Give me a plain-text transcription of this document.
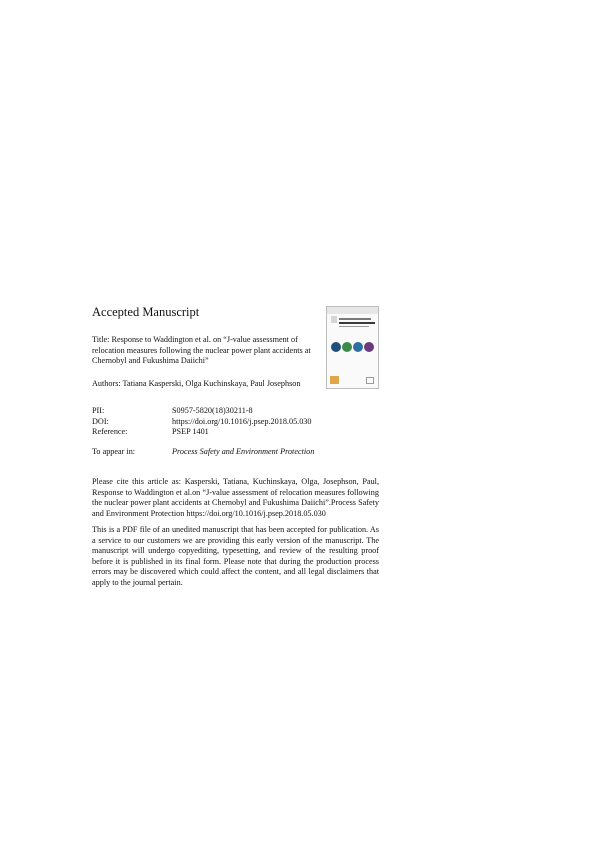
Accepted Manuscript
Title: Response to Waddington et al. on “J-value assessment of relocation measures following the nuclear power plant accidents at Chernobyl and Fukushima Daiichi”
Authors: Tatiana Kasperski, Olga Kuchinskaya, Paul Josephson
PII:	S0957-5820(18)30211-8
DOI:	https://doi.org/10.1016/j.psep.2018.05.030
Reference:	PSEP 1401
To appear in:	Process Safety and Environment Protection

Please cite this article as: Kasperski, Tatiana, Kuchinskaya, Olga, Josephson, Paul, Response to Waddington et al.on “J-value assessment of relocation measures following the nuclear power plant accidents at Chernobyl and Fukushima Daiichi”.Process Safety and Environment Protection https://doi.org/10.1016/j.psep.2018.05.030

This is a PDF file of an unedited manuscript that has been accepted for publication. As a service to our customers we are providing this early version of the manuscript. The manuscript will undergo copyediting, typesetting, and review of the resulting proof before it is published in its final form. Please note that during the production process errors may be discovered which could affect the content, and all legal disclaimers that apply to the journal pertain.
